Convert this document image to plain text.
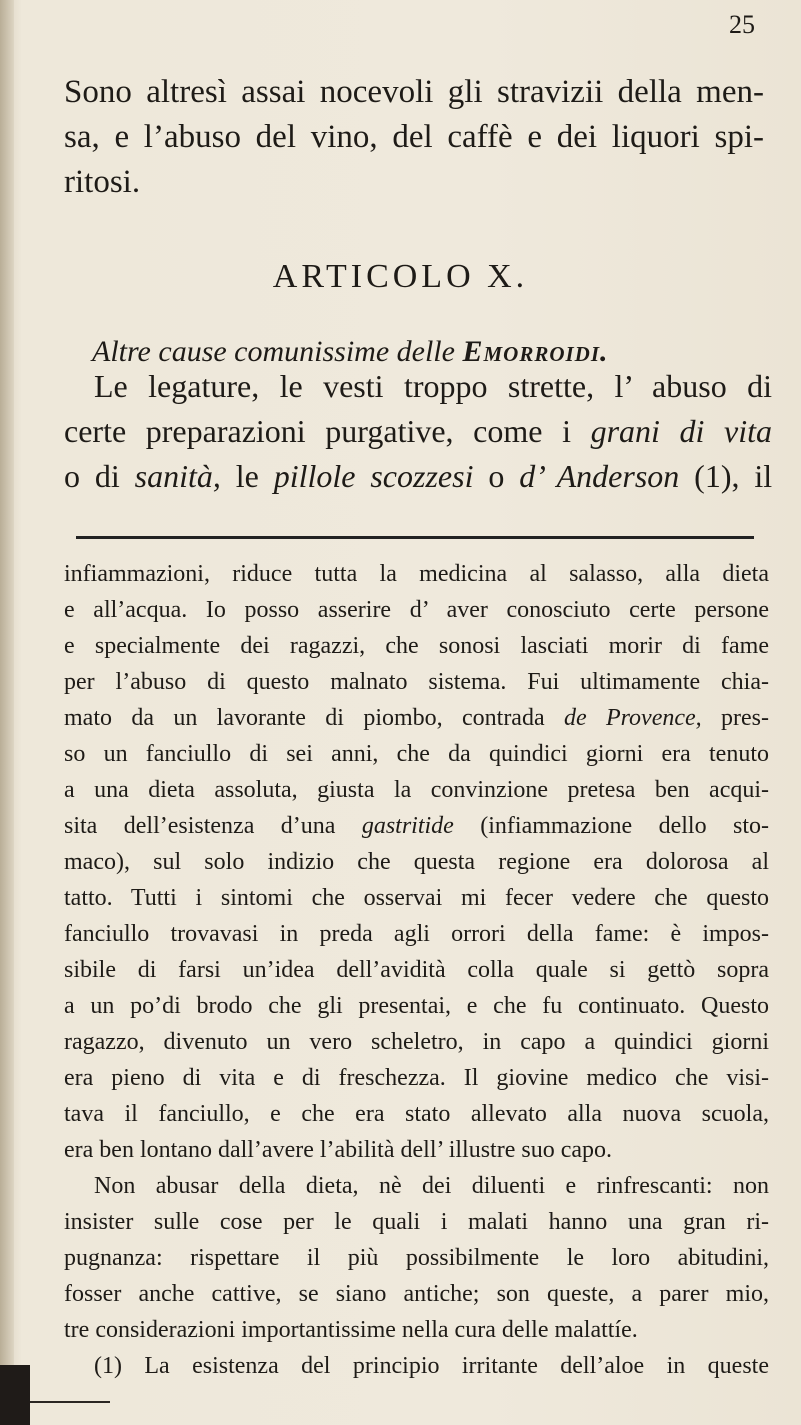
25
Sono altresì assai nocevoli gli stravizii della men-
sa, e l’abuso del vino, del caffè e dei liquori spi-
ritosi.
ARTICOLO X.
Altre cause comunissime delle Emorroidi.
Le legature, le vesti troppo strette, l’ abuso di
certe preparazioni purgative, come i grani di vita
o di sanità, le pillole scozzesi o d’ Anderson (1), il
infiammazioni, riduce tutta la medicina al salasso, alla dieta
e all’acqua. Io posso asserire d’ aver conosciuto certe persone
e specialmente dei ragazzi, che sonosi lasciati morir di fame
per l’abuso di questo malnato sistema. Fui ultimamente chia-
mato da un lavorante di piombo, contrada de Provence, pres-
so un fanciullo di sei anni, che da quindici giorni era tenuto
a una dieta assoluta, giusta la convinzione pretesa ben acqui-
sita dell’esistenza d’una gastritide (infiammazione dello sto-
maco), sul solo indizio che questa regione era dolorosa al
tatto. Tutti i sintomi che osservai mi fecer vedere che questo
fanciullo trovavasi in preda agli orrori della fame: è impos-
sibile di farsi un’idea dell’avidità colla quale si gettò sopra
a un po’di brodo che gli presentai, e che fu continuato. Questo
ragazzo, divenuto un vero scheletro, in capo a quindici giorni
era pieno di vita e di freschezza. Il giovine medico che visi-
tava il fanciullo, e che era stato allevato alla nuova scuola,
era ben lontano dall’avere l’abilità dell’ illustre suo capo.
Non abusar della dieta, nè dei diluenti e rinfrescanti: non
insister sulle cose per le quali i malati hanno una gran ri-
pugnanza: rispettare il più possibilmente le loro abitudini,
fosser anche cattive, se siano antiche; son queste, a parer mio,
tre considerazioni importantissime nella cura delle malattíe.
(1) La esistenza del principio irritante dell’aloe in queste
